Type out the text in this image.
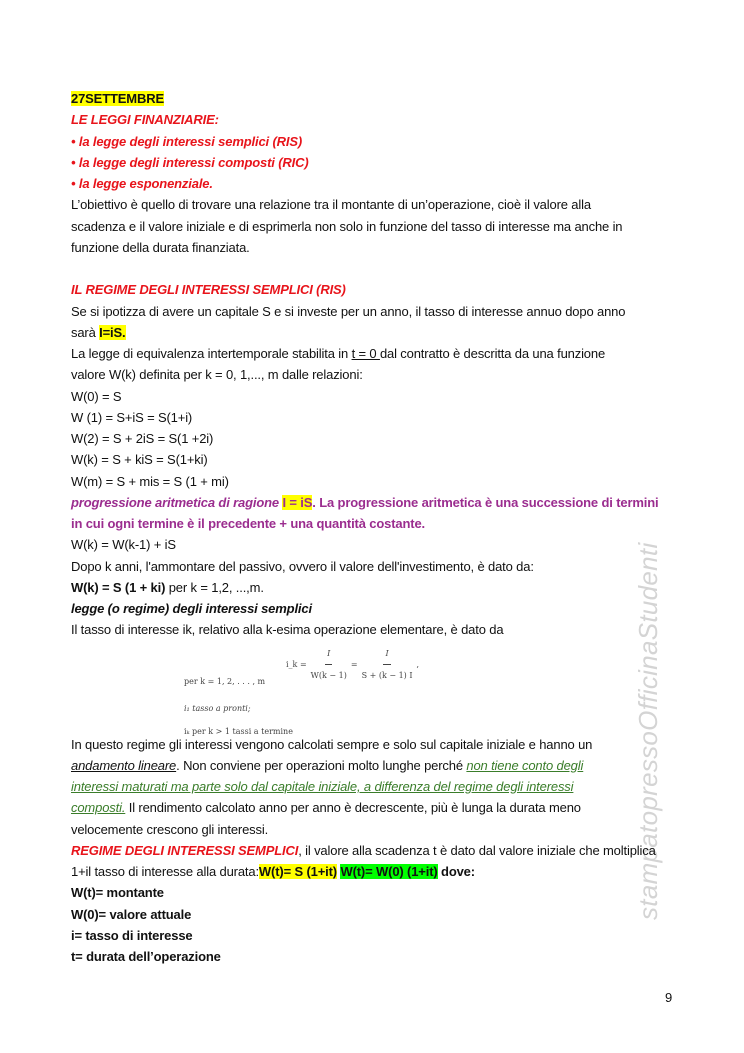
stampatopressoOfficinaStudenti
27SETTEMBRE
LE LEGGI FINANZIARIE:
• la legge degli interessi semplici (RIS)
• la legge degli interessi composti (RIC)
• la legge esponenziale.
L’obiettivo è quello di trovare una relazione tra il montante di un’operazione, cioè il valore alla
scadenza e il valore iniziale e di esprimerla non solo in funzione del tasso di interesse ma anche in
funzione della durata finanziata.
IL REGIME DEGLI INTERESSI SEMPLICI (RIS)
Se si ipotizza di avere un capitale S e si investe per un anno, il tasso di interesse annuo dopo anno
sarà I=iS.
La legge di equivalenza intertemporale stabilita in t = 0 dal contratto è descritta da una funzione
valore W(k) definita per k = 0, 1,..., m dalle relazioni:
W(0) = S
W (1) = S+iS = S(1+i)
W(2) = S + 2iS = S(1 +2i)
W(k) = S + kiS = S(1+ki)
W(m) = S + mis = S (1 + mi)
progressione aritmetica di ragione I = iS. La progressione aritmetica è una successione di termini
in cui ogni termine è il precedente + una quantità costante.
W(k) = W(k-1) + iS
Dopo k anni, l'ammontare del passivo, ovvero il valore dell'investimento, è dato da:
W(k) = S (1 + ki) per k = 1,2, ...,m.
legge (o regime) degli interessi semplici
Il tasso di interesse ik, relativo alla k-esima operazione elementare, è dato da
i_k = $\frac{I}{W(k - 1)} = \frac{I}{S + (k - 1) I}$ ,
per k = 1, 2, . . . , m
i₁ tasso a pronti;
iₖ per k > 1 tassi a termine
In questo regime gli interessi vengono calcolati sempre e solo sul capitale iniziale e hanno un
andamento lineare. Non conviene per operazioni molto lunghe perché non tiene conto degli
interessi maturati ma parte solo dal capitale iniziale, a differenza del regime degli interessi
composti. Il rendimento calcolato anno per anno è decrescente, più è lunga la durata meno
velocemente crescono gli interessi.
REGIME DEGLI INTERESSI SEMPLICI, il valore alla scadenza t è dato dal valore iniziale che moltiplica
1+il tasso di interesse alla durata:W(t)= S (1+it) W(t)= W(0) (1+it) dove:
W(t)= montante
W(0)= valore attuale
i= tasso di interesse
t= durata dell’operazione
9
